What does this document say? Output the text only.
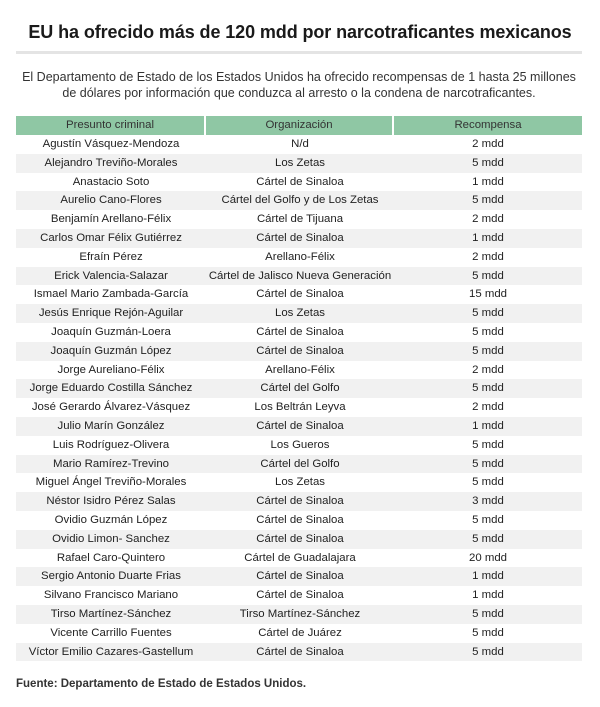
EU ha ofrecido más de 120 mdd por narcotraficantes mexicanos
El Departamento de Estado de los Estados Unidos ha ofrecido recompensas de 1 hasta 25 millones de dólares por información que conduzca al arresto o la condena de narcotraficantes.
Presunto criminal	Organización	Recompensa
Agustín Vásquez-Mendoza	N/d	2 mdd
Alejandro Treviño-Morales	Los Zetas	5 mdd
Anastacio Soto	Cártel de Sinaloa	1 mdd
Aurelio Cano-Flores	Cártel del Golfo y de Los Zetas	5 mdd
Benjamín Arellano-Félix	Cártel de Tijuana	2 mdd
Carlos Omar Félix Gutiérrez	Cártel de Sinaloa	1 mdd
Efraín Pérez	Arellano-Félix	2 mdd
Erick Valencia-Salazar	Cártel de Jalisco Nueva Generación	5 mdd
Ismael Mario Zambada-García	Cártel de Sinaloa	15 mdd
Jesús Enrique Rejón-Aguilar	Los Zetas	5 mdd
Joaquín Guzmán-Loera	Cártel de Sinaloa	5 mdd
Joaquín Guzmán López	Cártel de Sinaloa	5 mdd
Jorge Aureliano-Félix	Arellano-Félix	2 mdd
Jorge Eduardo Costilla Sánchez	Cártel del Golfo	5 mdd
José Gerardo Álvarez-Vásquez	Los Beltrán Leyva	2 mdd
Julio Marín González	Cártel de Sinaloa	1 mdd
Luis Rodríguez-Olivera	Los Gueros	5 mdd
Mario Ramírez-Trevino	Cártel del Golfo	5 mdd
Miguel Ángel Treviño-Morales	Los Zetas	5 mdd
Néstor Isidro Pérez Salas	Cártel de Sinaloa	3 mdd
Ovidio Guzmán López	Cártel de Sinaloa	5 mdd
Ovidio Limon- Sanchez	Cártel de Sinaloa	5 mdd
Rafael Caro-Quintero	Cártel de Guadalajara	20 mdd
Sergio Antonio Duarte Frias	Cártel de Sinaloa	1 mdd
Silvano Francisco Mariano	Cártel de Sinaloa	1 mdd
Tirso Martínez-Sánchez	Tirso Martínez-Sánchez	5 mdd
Vicente Carrillo Fuentes	Cártel de Juárez	5 mdd
Víctor Emilio Cazares-Gastellum	Cártel de Sinaloa	5 mdd
Fuente: Departamento de Estado de Estados Unidos.
